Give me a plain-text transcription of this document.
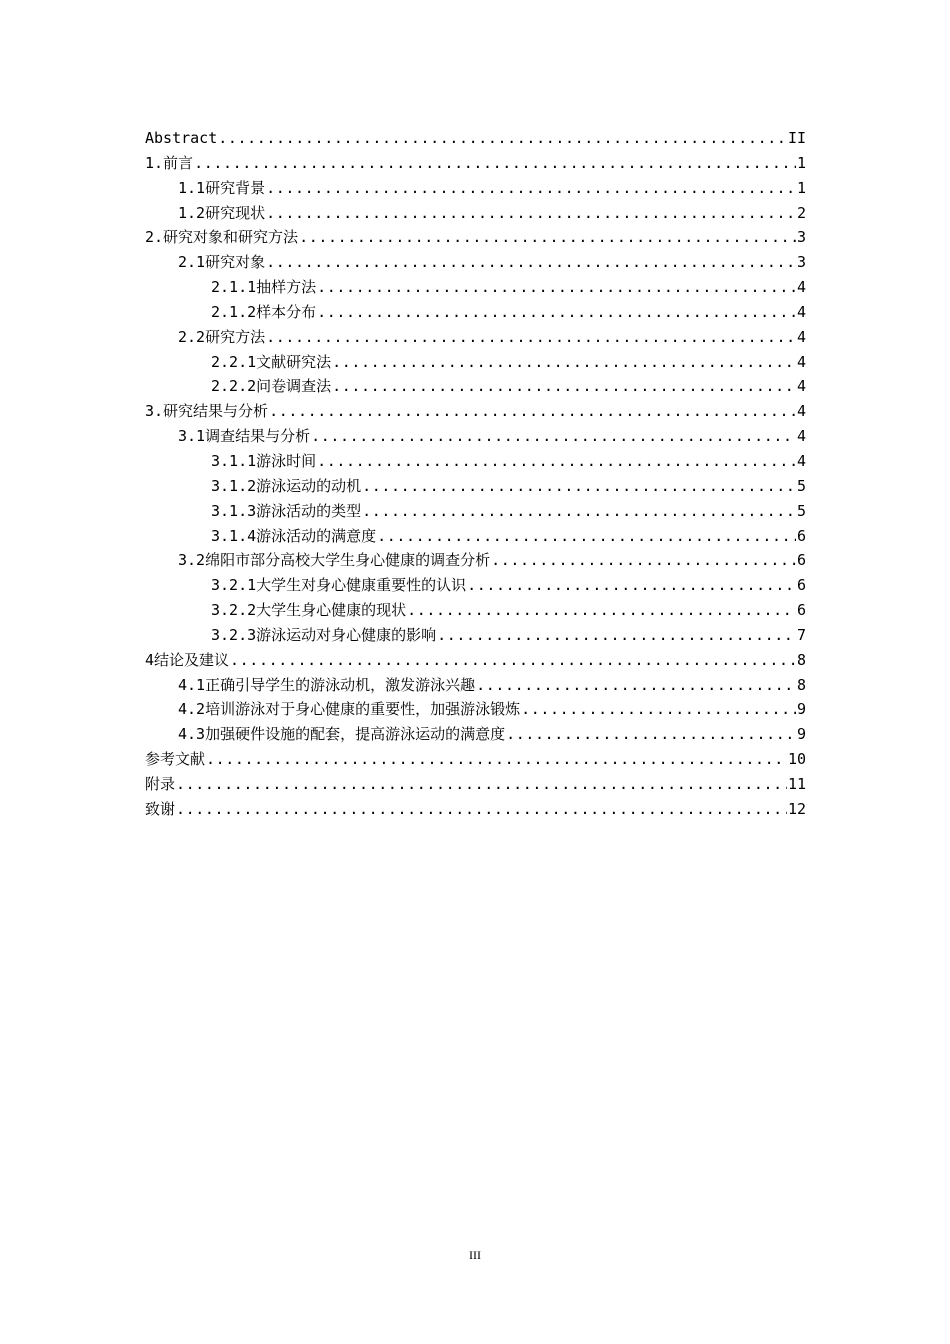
Abstract .....	II
1.前言 .....	1
1.1研究背景 .....	1
1.2研究现状 .....	2
2.研究对象和研究方法 .....	3
2.1研究对象 .....	3
2.1.1抽样方法 .....	4
2.1.2样本分布 .....	4
2.2研究方法 .....	4
2.2.1文献研究法 .....	4
2.2.2问卷调查法 .....	4
3.研究结果与分析 .....	4
3.1调查结果与分析 .....	4
3.1.1游泳时间 .....	4
3.1.2游泳运动的动机 .....	5
3.1.3游泳活动的类型 .....	5
3.1.4游泳活动的满意度 .....	6
3.2绵阳市部分高校大学生身心健康的调查分析 .....	6
3.2.1大学生对身心健康重要性的认识 .....	6
3.2.2大学生身心健康的现状 .....	6
3.2.3游泳运动对身心健康的影响 .....	7
4结论及建议 .....	8
4.1正确引导学生的游泳动机，激发游泳兴趣 .....	8
4.2培训游泳对于身心健康的重要性，加强游泳锻炼 .....	9
4.3加强硬件设施的配套，提高游泳运动的满意度 .....	9
参考文献 .....	10
附录 .....	11
致谢 .....	12
III
